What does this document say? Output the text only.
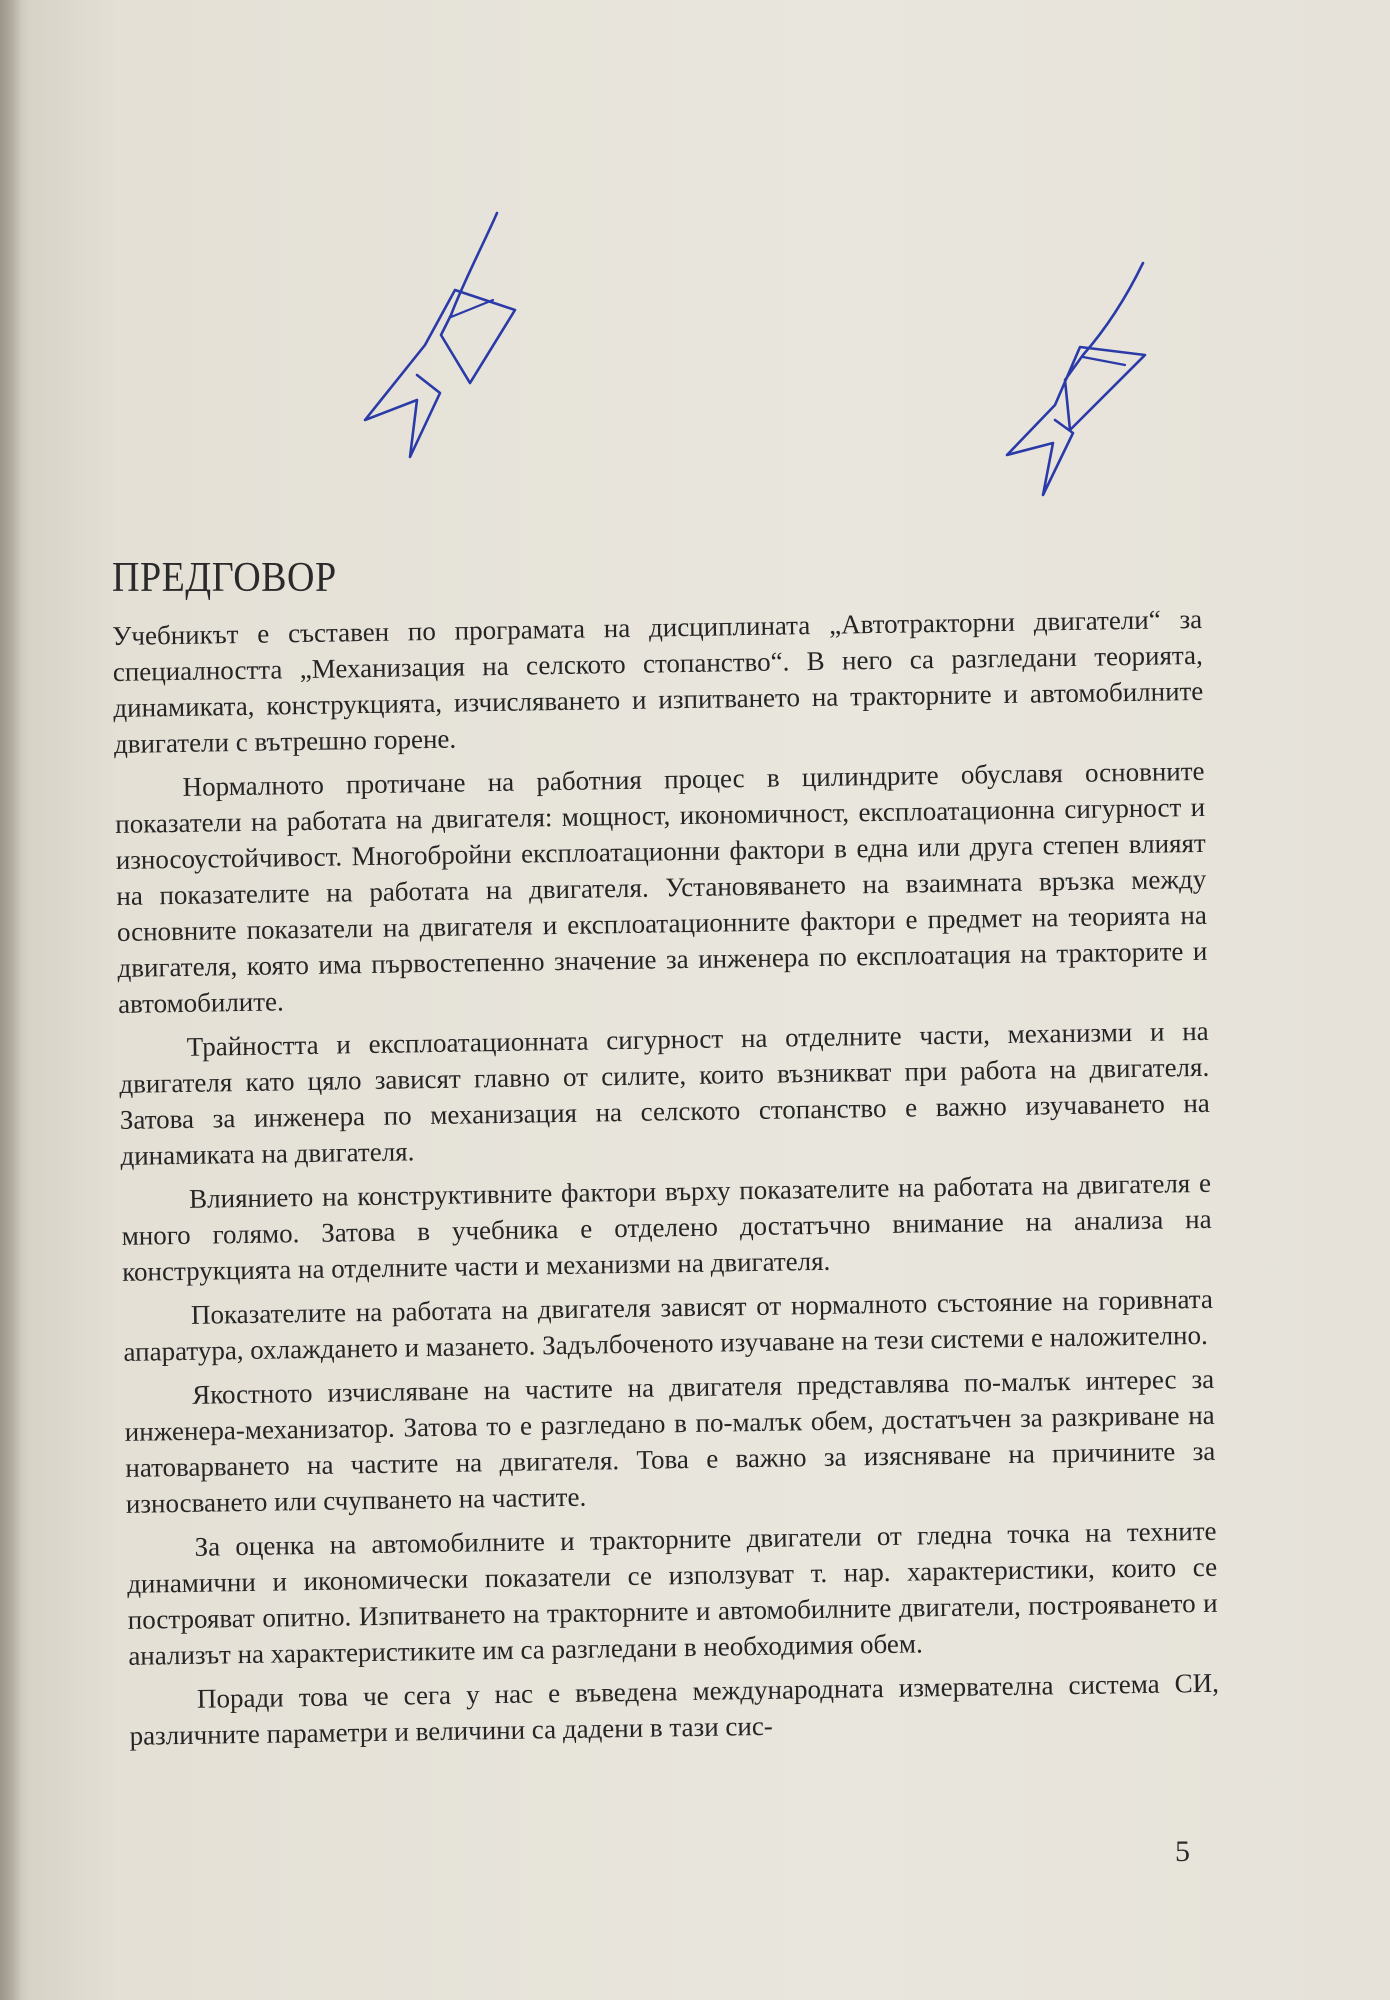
ПРЕДГОВОР

Учебникът е съставен по програмата на дисциплината „Автотракторни двигатели“ за специалността „Механизация на селското стопанство“. В него са разгледани теорията, динамиката, конструкцията, изчисляването и изпитването на тракторните и автомобилните двигатели с вътрешно горене.

Нормалното протичане на работния процес в цилиндрите обуславя основните показатели на работата на двигателя: мощност, икономичност, експлоатационна сигурност и износоустойчивост. Многобройни експлоатационни фактори в една или друга степен влияят на показателите на работата на двигателя. Установяването на взаимната връзка между основните показатели на двигателя и експлоатационните фактори е предмет на теорията на двигателя, която има първостепенно значение за инженера по експлоатация на тракторите и автомобилите.

Трайността и експлоатационната сигурност на отделните части, механизми и на двигателя като цяло зависят главно от силите, които възникват при работа на двигателя. Затова за инженера по механизация на селското стопанство е важно изучаването на динамиката на двигателя.

Влиянието на конструктивните фактори върху показателите на работата на двигателя е много голямо. Затова в учебника е отделено достатъчно внимание на анализа на конструкцията на отделните части и механизми на двигателя.

Показателите на работата на двигателя зависят от нормалното състояние на горивната апаратура, охлаждането и мазането. Задълбоченото изучаване на тези системи е наложително.

Якостното изчисляване на частите на двигателя представлява по-малък интерес за инженера-механизатор. Затова то е разгледано в по-малък обем, достатъчен за разкриване на натоварването на частите на двигателя. Това е важно за изясняване на причините за износването или счупването на частите.

За оценка на автомобилните и тракторните двигатели от гледна точка на техните динамични и икономически показатели се използуват т. нар. характеристики, които се построяват опитно. Изпитването на тракторните и автомобилните двигатели, построяването и анализът на характеристиките им са разгледани в необходимия обем.

Поради това че сега у нас е въведена международната измервателна система СИ, различните параметри и величини са дадени в тази сис-

5
